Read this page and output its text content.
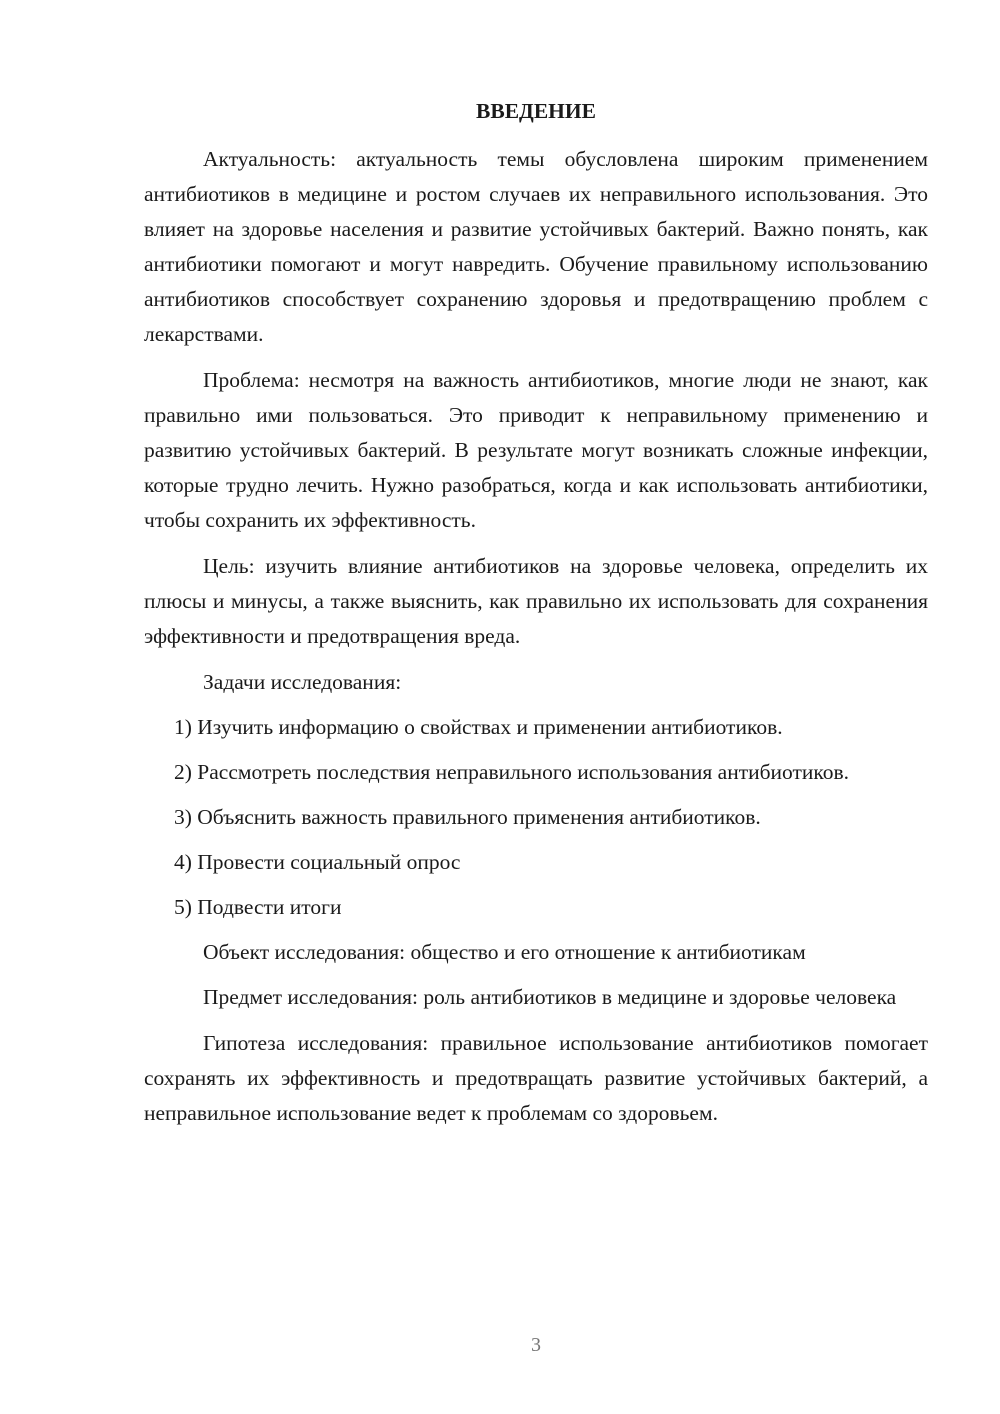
ВВЕДЕНИЕ

Актуальность: актуальность темы обусловлена широким применением антибиотиков в медицине и ростом случаев их неправильного использования. Это влияет на здоровье населения и развитие устойчивых бактерий. Важно понять, как антибиотики помогают и могут навредить. Обучение правильному использованию антибиотиков способствует сохранению здоровья и предотвращению проблем с лекарствами.

Проблема: несмотря на важность антибиотиков, многие люди не знают, как правильно ими пользоваться. Это приводит к неправильному применению и развитию устойчивых бактерий. В результате могут возникать сложные инфекции, которые трудно лечить. Нужно разобраться, когда и как использовать антибиотики, чтобы сохранить их эффективность.

Цель: изучить влияние антибиотиков на здоровье человека, определить их плюсы и минусы, а также выяснить, как правильно их использовать для сохранения эффективности и предотвращения вреда.

Задачи исследования:

1) Изучить информацию о свойствах и применении антибиотиков.

2) Рассмотреть последствия неправильного использования антибиотиков.

3) Объяснить важность правильного применения антибиотиков.

4) Провести социальный опрос

5) Подвести итоги

Объект исследования: общество и его отношение к антибиотикам

Предмет исследования: роль антибиотиков в медицине и здоровье человека

Гипотеза исследования: правильное использование антибиотиков помогает сохранять их эффективность и предотвращать развитие устойчивых бактерий, а неправильное использование ведет к проблемам со здоровьем.

3
